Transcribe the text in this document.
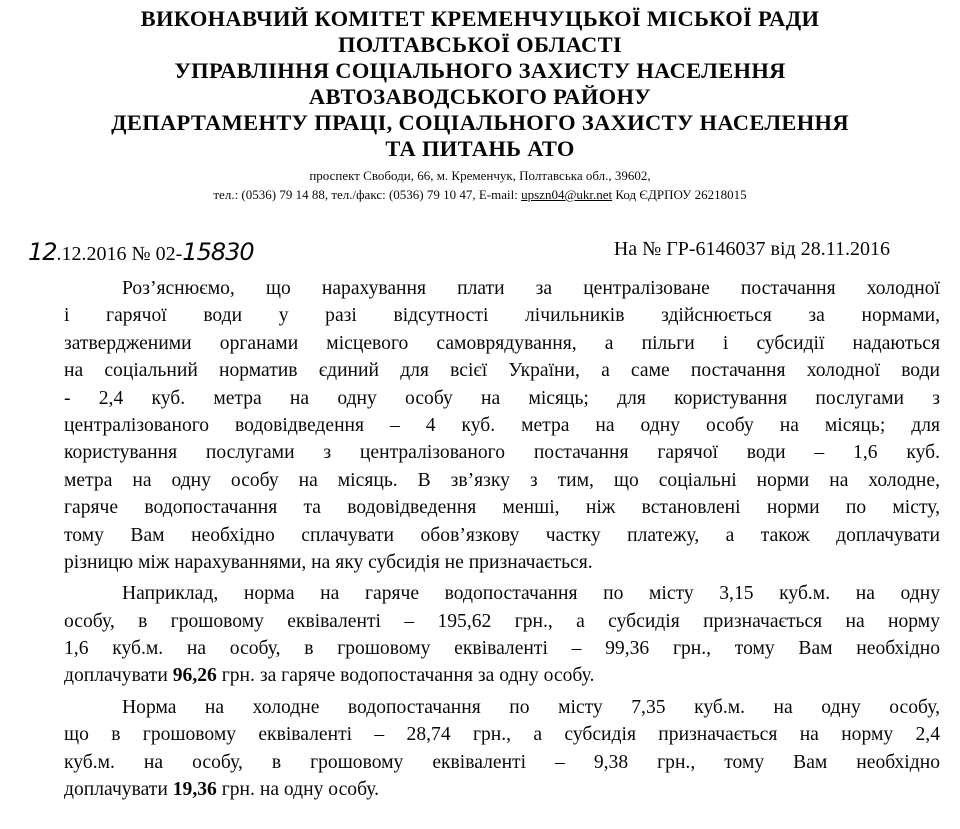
ВИКОНАВЧИЙ КОМІТЕТ КРЕМЕНЧУЦЬКОЇ МІСЬКОЇ РАДИ
ПОЛТАВСЬКОЇ ОБЛАСТІ
УПРАВЛІННЯ СОЦІАЛЬНОГО ЗАХИСТУ НАСЕЛЕННЯ
АВТОЗАВОДСЬКОГО РАЙОНУ
ДЕПАРТАМЕНТУ ПРАЦІ, СОЦІАЛЬНОГО ЗАХИСТУ НАСЕЛЕННЯ
ТА ПИТАНЬ АТО
проспект Свободи, 66, м. Кременчук, Полтавська обл., 39602,
тел.: (0536) 79 14 88, тел./факс: (0536) 79 10 47, E-mail: upszn04@ukr.net Код ЄДРПОУ 26218015
12.12.2016 № 02-15830	На № ГР-6146037 від 28.11.2016
Роз’яснюємо, що нарахування плати за централізоване постачання холодної
і гарячої води у разі відсутності лічильників здійснюється за нормами,
затвердженими органами місцевого самоврядування, а пільги і субсидії надаються
на соціальний норматив єдиний для всієї України, а саме постачання холодної води
- 2,4 куб. метра на одну особу на місяць; для користування послугами з
централізованого водовідведення – 4 куб. метра на одну особу на місяць; для
користування послугами з централізованого постачання гарячої води – 1,6 куб.
метра на одну особу на місяць. В зв’язку з тим, що соціальні норми на холодне,
гаряче водопостачання та водовідведення менші, ніж встановлені норми по місту,
тому Вам необхідно сплачувати обов’язкову частку платежу, а також доплачувати
різницю між нарахуваннями, на яку субсидія не призначається.
Наприклад, норма на гаряче водопостачання по місту 3,15 куб.м. на одну
особу, в грошовому еквіваленті – 195,62 грн., а субсидія призначається на норму
1,6 куб.м. на особу, в грошовому еквіваленті – 99,36 грн., тому Вам необхідно
доплачувати 96,26 грн. за гаряче водопостачання за одну особу.
Норма на холодне водопостачання по місту 7,35 куб.м. на одну особу,
що в грошовому еквіваленті – 28,74 грн., а субсидія призначається на норму 2,4
куб.м. на особу, в грошовому еквіваленті – 9,38 грн., тому Вам необхідно
доплачувати 19,36 грн. на одну особу.
